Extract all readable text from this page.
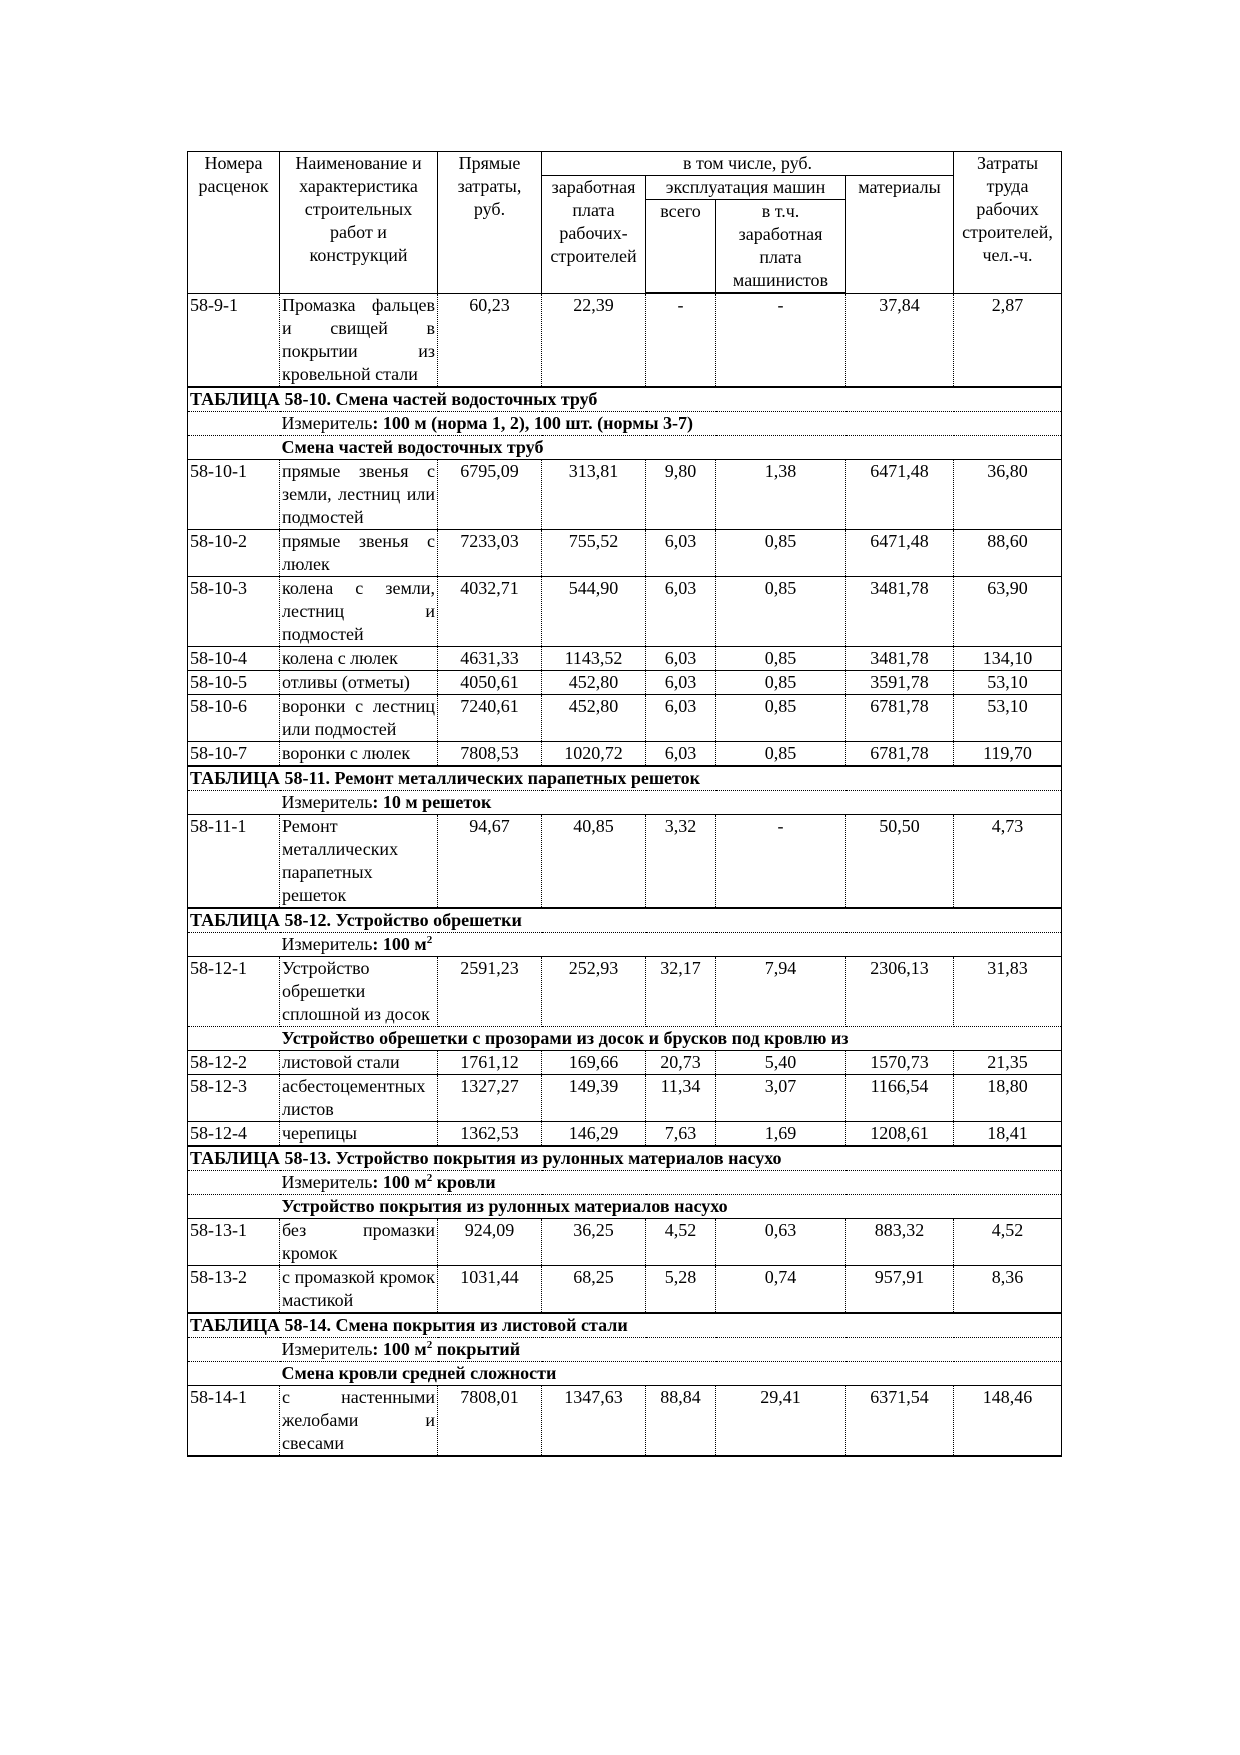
Номера расценок	Наименование и характеристика строительных работ и конструкций	Прямые затраты, руб.	в том числе, руб.				Затраты труда рабочих строителей, чел.-ч.
			заработная плата рабочих-строителей	эксплуатация машин		материалы	
				всего	в т.ч. заработная плата машинистов		
58-9-1	Промазка фальцев и свищей в покрытии из кровельной стали	60,23	22,39	-	-	37,84	2,87
ТАБЛИЦА 58-10. Смена частей водосточных труб							
	Измеритель: 100 м (норма 1, 2), 100 шт. (нормы 3-7)						
	Смена частей водосточных труб						
58-10-1	прямые звенья с земли, лестниц или подмостей	6795,09	313,81	9,80	1,38	6471,48	36,80
58-10-2	прямые звенья с люлек	7233,03	755,52	6,03	0,85	6471,48	88,60
58-10-3	колена с земли, лестниц и подмостей	4032,71	544,90	6,03	0,85	3481,78	63,90
58-10-4	колена с люлек	4631,33	1143,52	6,03	0,85	3481,78	134,10
58-10-5	отливы (отметы)	4050,61	452,80	6,03	0,85	3591,78	53,10
58-10-6	воронки с лестниц или подмостей	7240,61	452,80	6,03	0,85	6781,78	53,10
58-10-7	воронки с люлек	7808,53	1020,72	6,03	0,85	6781,78	119,70
ТАБЛИЦА 58-11. Ремонт металлических парапетных решеток							
	Измеритель: 10 м решеток						
58-11-1	Ремонт металлических парапетных решеток	94,67	40,85	3,32	-	50,50	4,73
ТАБЛИЦА 58-12. Устройство обрешетки							
	Измеритель: 100 $м^2$
58-12-1	Устройство обрешетки сплошной из досок	2591,23	252,93	32,17	7,94	2306,13	31,83
	Устройство обрешетки с прозорами из досок и брусков под кровлю из						
58-12-2	листовой стали	1761,12	169,66	20,73	5,40	1570,73	21,35
58-12-3	асбестоцементных листов	1327,27	149,39	11,34	3,07	1166,54	18,80
58-12-4	черепицы	1362,53	146,29	7,63	1,69	1208,61	18,41
ТАБЛИЦА 58-13. Устройство покрытия из рулонных материалов насухо							
	Измеритель: 100 $м^2$ кровли						
	Устройство покрытия из рулонных материалов насухо						
58-13-1	без промазки кромок	924,09	36,25	4,52	0,63	883,32	4,52
58-13-2	с промазкой кромок мастикой	1031,44	68,25	5,28	0,74	957,91	8,36
ТАБЛИЦА 58-14. Смена покрытия из листовой стали							
	Измеритель: 100 $м^2$ покрытий						
	Смена кровли средней сложности						
58-14-1	с настенными желобами и свесами	7808,01	1347,63	88,84	29,41	6371,54	148,46
